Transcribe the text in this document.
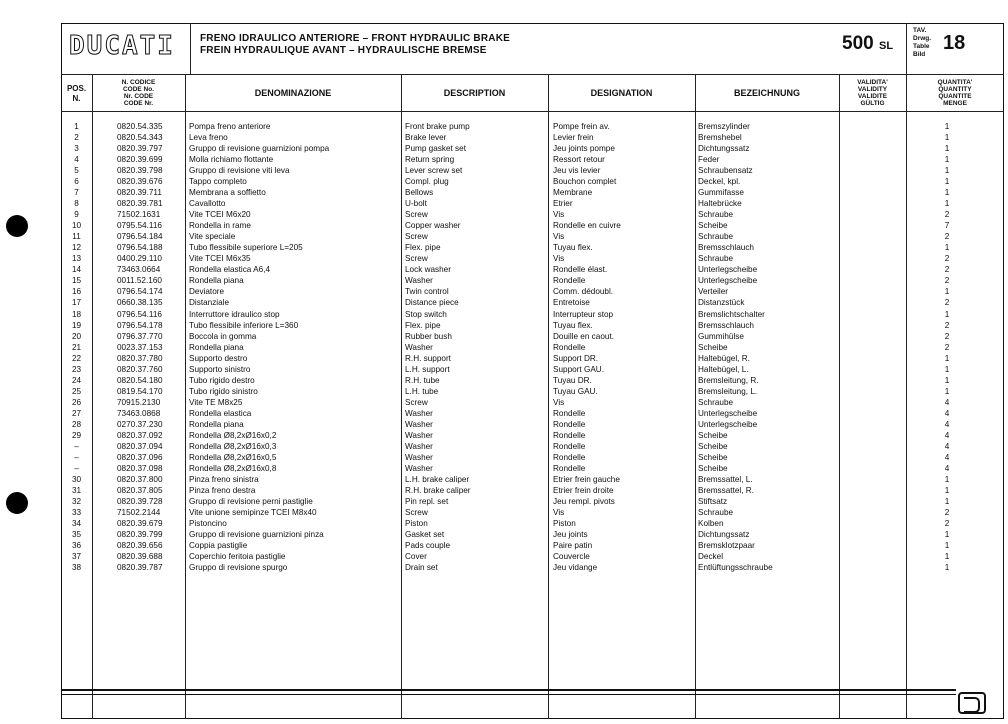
DUCATI	FRENO IDRAULICO ANTERIORE – FRONT HYDRAULIC BRAKE
FREIN HYDRAULIQUE AVANT – HYDRAULISCHE BREMSE	500 SL
TAV.
Drwg.
Table
Bild
18
POS.
N.
N. CODICE
CODE No.
Nr. CODE
CODE Nr.
DENOMINAZIONE	DESCRIPTION	DESIGNATION	BEZEICHNUNG
VALIDITA'
VALIDITY
VALIDITE
GÜLTIG
QUANTITA'
QUANTITY
QUANTITE
MENGE
1	0820.54.335	Pompa freno anteriore	Front brake pump	Pompe frein av.	Bremszylinder	1
2	0820.54.343	Leva freno	Brake lever	Levier frein	Bremshebel	1
3	0820.39.797	Gruppo di revisione guarnizioni pompa	Pump gasket set	Jeu joints pompe	Dichtungssatz	1
4	0820.39.699	Molla richiamo flottante	Return spring	Ressort retour	Feder	1
5	0820.39.798	Gruppo di revisione viti leva	Lever screw set	Jeu vis levier	Schraubensatz	1
6	0820.39.676	Tappo completo	Compl. plug	Bouchon complet	Deckel, kpl.	1
7	0820.39.711	Membrana a soffietto	Bellows	Membrane	Gummifasse	1
8	0820.39.781	Cavallotto	U-bolt	Etrier	Haltebrücke	1
9	71502.1631	Vite TCEI M6x20	Screw	Vis	Schraube	2
10	0795.54.116	Rondella in rame	Copper washer	Rondelle en cuivre	Scheibe	7
11	0796.54.184	Vite speciale	Screw	Vis	Schraube	2
12	0796.54.188	Tubo flessibile superiore L=205	Flex. pipe	Tuyau flex.	Bremsschlauch	1
13	0400.29.110	Vite TCEI M6x35	Screw	Vis	Schraube	2
14	73463.0664	Rondella elastica A6,4	Lock washer	Rondelle élast.	Unterlegscheibe	2
15	0011.52.160	Rondella piana	Washer	Rondelle	Unterlegscheibe	2
16	0796.54.174	Deviatore	Twin control	Comm. dédoubl.	Verteiler	1
17	0660.38.135	Distanziale	Distance piece	Entretoise	Distanzstück	2
18	0796.54.116	Interruttore idraulico stop	Stop switch	Interrupteur stop	Bremslichtschalter	1
19	0796.54.178	Tubo flessibile inferiore L=360	Flex. pipe	Tuyau flex.	Bremsschlauch	2
20	0796.37.770	Boccola in gomma	Rubber bush	Douille en caout.	Gummihülse	2
21	0023.37.153	Rondella piana	Washer	Rondelle	Scheibe	2
22	0820.37.780	Supporto destro	R.H. support	Support DR.	Haltebügel, R.	1
23	0820.37.760	Supporto sinistro	L.H. support	Support GAU.	Haltebügel, L.	1
24	0820.54.180	Tubo rigido destro	R.H. tube	Tuyau DR.	Bremsleitung, R.	1
25	0819.54.170	Tubo rigido sinistro	L.H. tube	Tuyau GAU.	Bremsleitung, L.	1
26	70915.2130	Vite TE M8x25	Screw	Vis	Schraube	4
27	73463.0868	Rondella elastica	Washer	Rondelle	Unterlegscheibe	4
28	0270.37.230	Rondella piana	Washer	Rondelle	Unterlegscheibe	4
29	0820.37.092	Rondella Ø8,2xØ16x0,2	Washer	Rondelle	Scheibe	4
–	0820.37.094	Rondella Ø8,2xØ16x0,3	Washer	Rondelle	Scheibe	4
–	0820.37.096	Rondella Ø8,2xØ16x0,5	Washer	Rondelle	Scheibe	4
–	0820.37.098	Rondella Ø8,2xØ16x0,8	Washer	Rondelle	Scheibe	4
30	0820.37.800	Pinza freno sinistra	L.H. brake caliper	Etrier frein gauche	Bremssattel, L.	1
31	0820.37.805	Pinza freno destra	R.H. brake caliper	Etrier frein droite	Bremssattel, R.	1
32	0820.39.728	Gruppo di revisione perni pastiglie	Pin repl. set	Jeu rempl. pivots	Stiftsatz	1
33	71502.2144	Vite unione semipinze TCEI M8x40	Screw	Vis	Schraube	2
34	0820.39.679	Pistoncino	Piston	Piston	Kolben	2
35	0820.39.799	Gruppo di revisione guarnizioni pinza	Gasket set	Jeu joints	Dichtungssatz	1
36	0820.39.656	Coppia pastiglie	Pads couple	Paire patin	Bremsklotzpaar	1
37	0820.39.688	Coperchio feritoia pastiglie	Cover	Couvercle	Deckel	1
38	0820.39.787	Gruppo di revisione spurgo	Drain set	Jeu vidange	Entlüftungsschraube	1
